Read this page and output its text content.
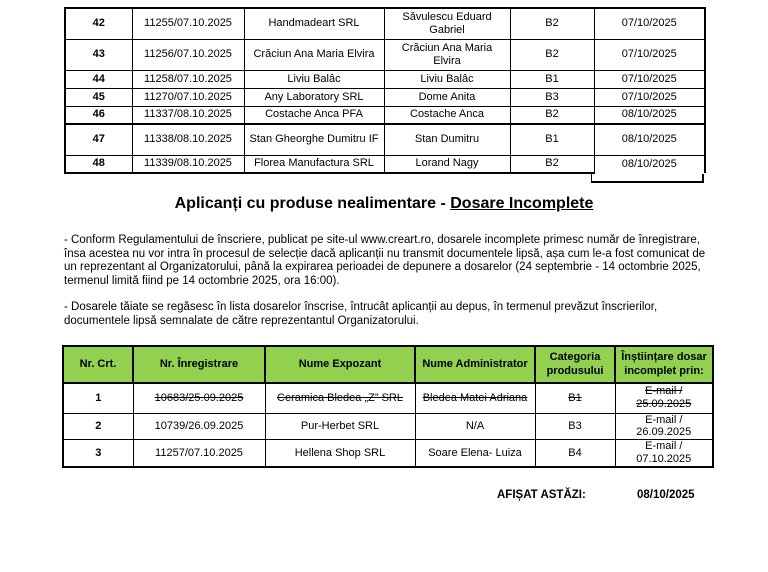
42	11255/07.10.2025	Handmadeart SRL	Săvulescu Eduard Gabriel	B2	07/10/2025
43	11256/07.10.2025	Crăciun Ana Maria Elvira	Crăciun Ana Maria Elvira	B2	07/10/2025
44	11258/07.10.2025	Liviu Balâc	Liviu Balâc	B1	07/10/2025
45	11270/07.10.2025	Any Laboratory SRL	Dome Anita	B3	07/10/2025
46	11337/08.10.2025	Costache Anca PFA	Costache Anca	B2	08/10/2025
47	11338/08.10.2025	Stan Gheorghe Dumitru IF	Stan Dumitru	B1	08/10/2025
48	11339/08.10.2025	Florea Manufactura SRL	Lorand Nagy	B2	08/10/2025
Aplicanți cu produse nealimentare - Dosare Incomplete

- Conform Regulamentului de înscriere, publicat pe site-ul www.creart.ro, dosarele incomplete primesc număr de înregistrare, însa acestea nu vor intra în procesul de selecție dacă aplicanții nu transmit documentele lipsă, așa cum le-a fost comunicat de un reprezentant al Organizatorului, până la expirarea perioadei de depunere a dosarelor (24 septembrie - 14 octombrie 2025, termenul limită fiind pe 14 octombrie 2025, ora 16:00).

- Dosarele tăiate se regăsesc în lista dosarelor înscrise, întrucât aplicanții au depus, în termenul prevăzut înscrierilor, documentele lipsă semnalate de către reprezentantul Organizatorului.

Nr. Crt.	Nr. Înregistrare	Nume Expozant	Nume Administrator	Categoria produsului	Înștiințare dosar incomplet prin:
1	10683/25.09.2025	Ceramica Bledea „Z” SRL	Bledea Matei Adriana	B1	E-mail / 25.09.2025
2	10739/26.09.2025	Pur-Herbet SRL	N/A	B3	E-mail / 26.09.2025
3	11257/07.10.2025	Hellena Shop SRL	Soare Elena- Luiza	B4	E-mail / 07.10.2025
AFIȘAT ASTĂZI:	08/10/2025
